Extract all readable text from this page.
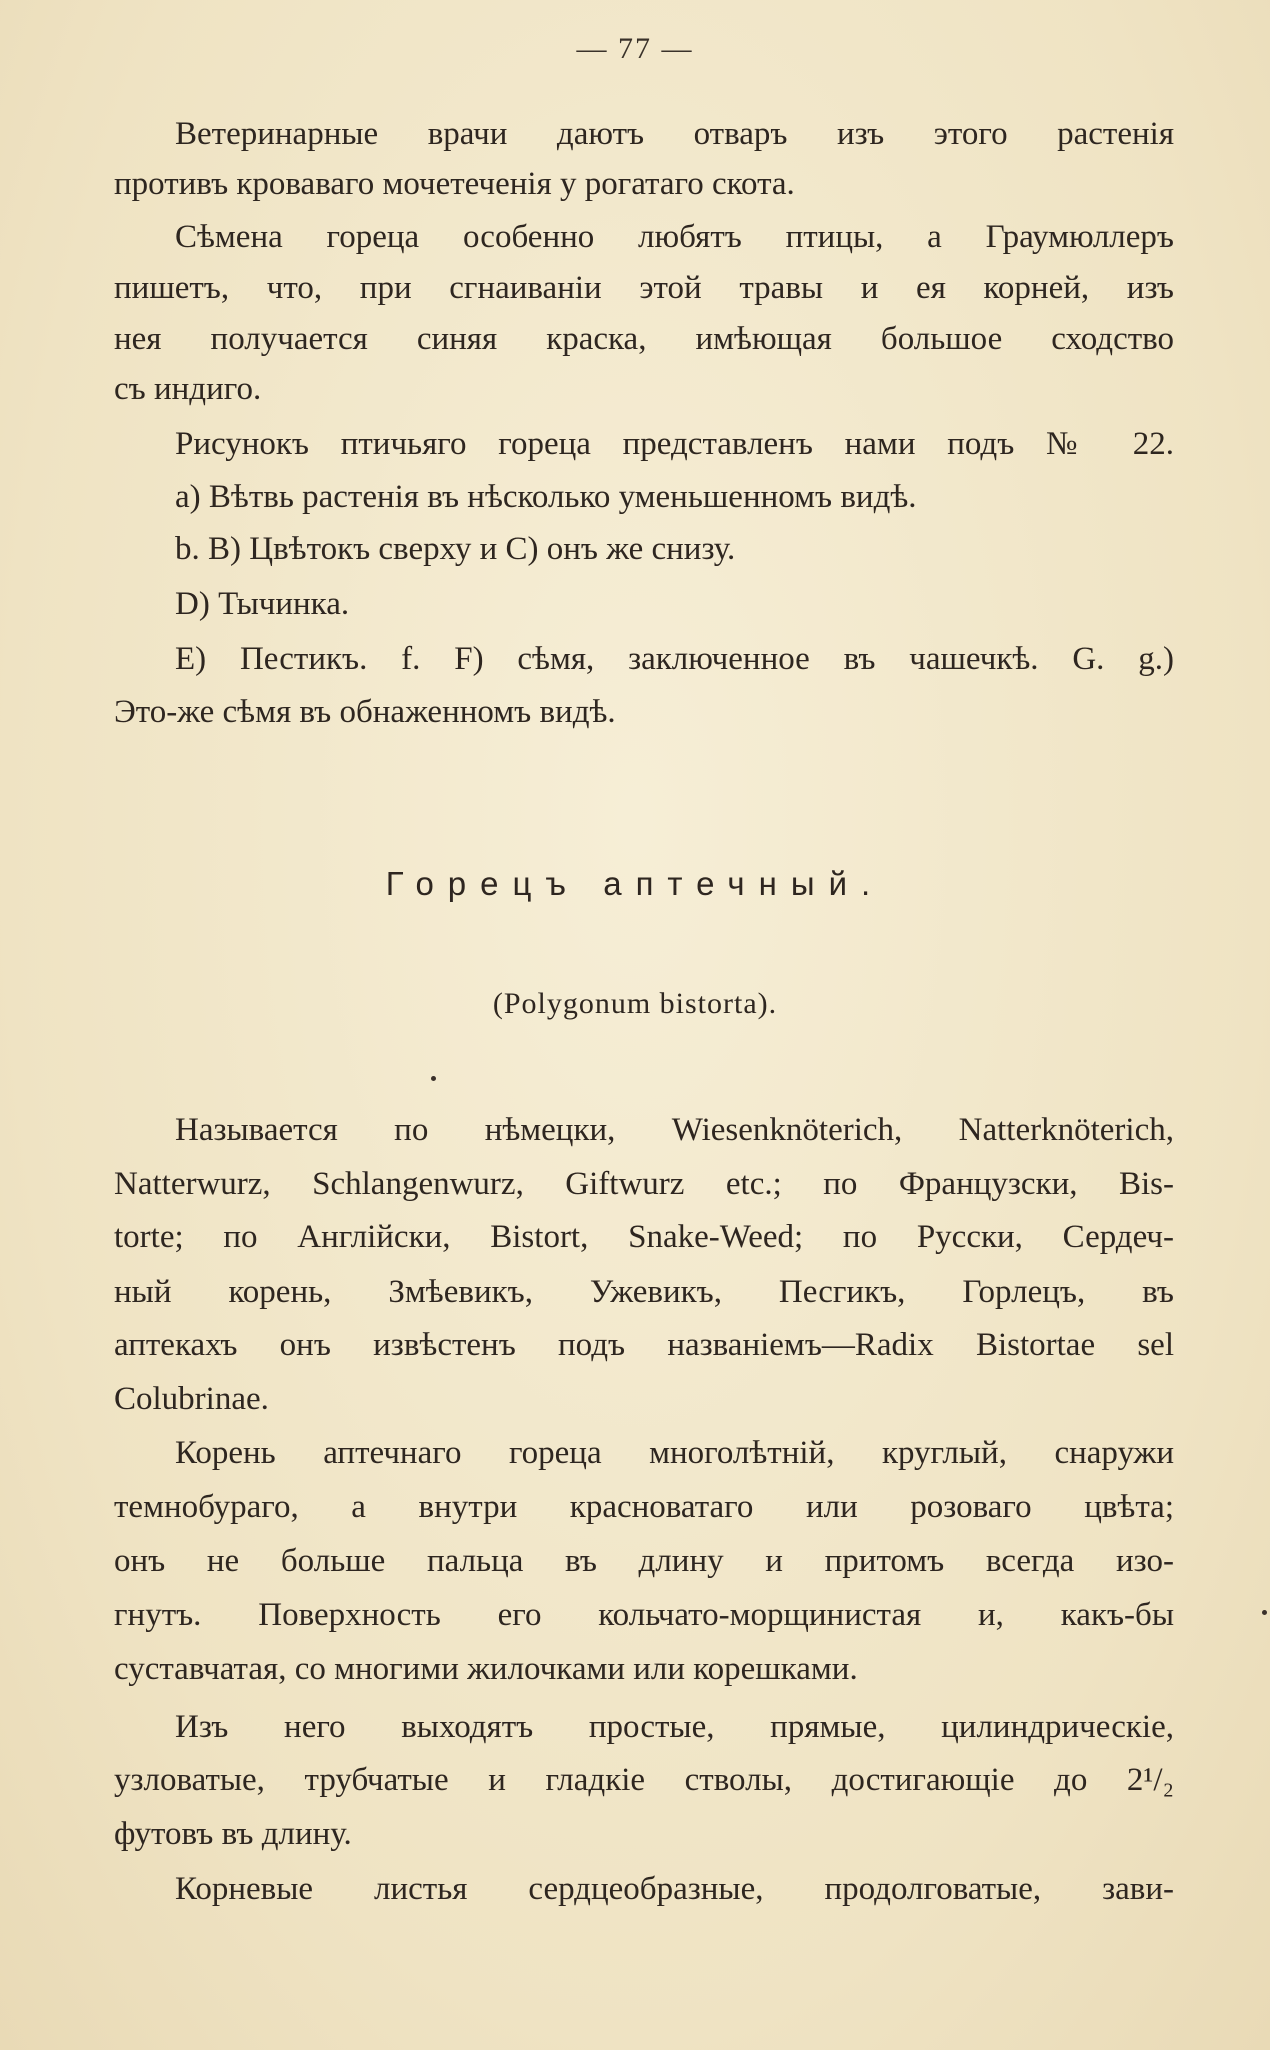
— 77 —
Ветеринарные врачи даютъ отваръ изъ этого растенія
противъ кроваваго мочетеченія у рогатаго скота.
Сѣмена гореца особенно любятъ птицы, а Граумюллеръ
пишетъ, что, при сгнаиваніи этой травы и ея корней, изъ
нея получается синяя краска, имѣющая большое сходство
съ индиго.
Рисунокъ птичьяго гореца представленъ нами подъ № 22.
а) Вѣтвь растенія въ нѣсколько уменьшенномъ видѣ.
b. B) Цвѣтокъ сверху и C) онъ же снизу.
D) Тычинка.
E) Пестикъ. f. F) сѣмя, заключенное въ чашечкѣ. G. g.)
Это-же сѣмя въ обнаженномъ видѣ.
Горецъ аптечный.
(Polygonum bistorta).
Называется по нѣмецки, Wiesenknöterich, Natterknöterich,
Natterwurz, Schlangenwurz, Giftwurz etc.; по Французски, Bis-
torte; по Англійски, Bistort, Snake-Weed; по Русски, Сердеч-
ный корень, Змѣевикъ, Ужевикъ, Песгикъ, Горлецъ, въ
аптекахъ онъ извѣстенъ подъ названіемъ—Radix Bistortae sel
Colubrinae.
Корень аптечнаго гореца многолѣтній, круглый, снаружи
темнобураго, а внутри красноватаго или розоваго цвѣта;
онъ не больше пальца въ длину и притомъ всегда изо-
гнутъ. Поверхность его кольчато-морщинистая и, какъ-бы
суставчатая, со многими жилочками или корешками.
Изъ него выходятъ простые, прямые, цилиндрическіе,
узловатые, трубчатые и гладкіе стволы, достигающіе до 2¹/₂
футовъ въ длину.
Корневые листья сердцеобразные, продолговатые, зави-
